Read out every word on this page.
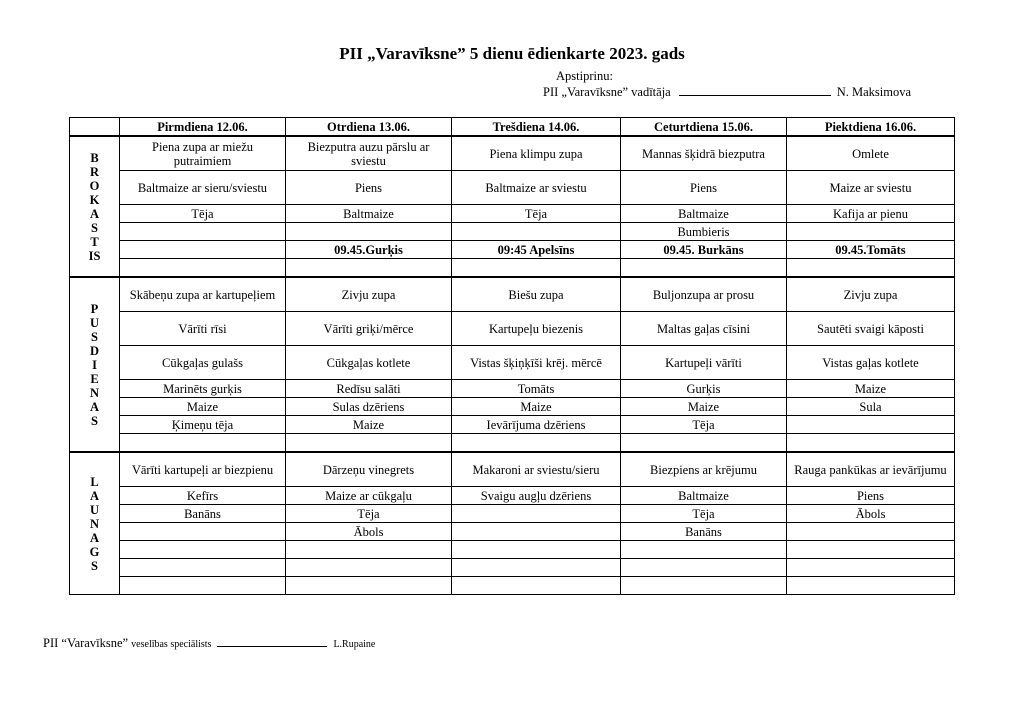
PII „Varavīksne” 5 dienu ēdienkarte 2023. gads
Apstiprinu:
PII „Varavīksne” vadītāja	N. Maksimova
	Pirmdiena 12.06.	Otrdiena 13.06.	Trešdiena 14.06.	Ceturtdiena 15.06.	Piektdiena 16.06.
BROKASTIS	Piena zupa ar miežu putraimiem	Biezputra auzu pārslu ar sviestu	Piena klimpu zupa	Mannas šķidrā biezputra	Omlete
	Baltmaize ar sieru/sviestu	Piens	Baltmaize ar sviestu	Piens	Maize ar sviestu
	Tēja	Baltmaize	Tēja	Baltmaize	Kafija ar pienu
				Bumbieris	
		09.45.Gurķis	09:45 Apelsīns	09.45. Burkāns	09.45.Tomāts

PUSDIENAS	Skābeņu zupa ar kartupeļiem	Zivju zupa	Biešu zupa	Buljonzupa ar prosu	Zivju zupa
	Vārīti rīsi	Vārīti griķi/mērce	Kartupeļu biezenis	Maltas gaļas cīsini	Sautēti svaigi kāposti
	Cūkgaļas gulašs	Cūkgaļas kotlete	Vistas šķiņķīši krēj. mērcē	Kartupeļi vārīti	Vistas gaļas kotlete
	Marinēts gurķis	Redīsu salāti	Tomāts	Gurķis	Maize
	Maize	Sulas dzēriens	Maize	Maize	Sula
	Ķimeņu tēja	Maize	Ievārījuma dzēriens	Tēja	

LAUNAGS	Vārīti kartupeļi ar biezpienu	Dārzeņu vinegrets	Makaroni ar sviestu/sieru	Biezpiens ar krējumu	Rauga pankūkas ar ievārījumu
	Kefīrs	Maize ar cūkgaļu	Svaigu augļu dzēriens	Baltmaize	Piens
	Banāns	Tēja		Tēja	Ābols
		Ābols		Banāns	

PII “Varavīksne” veselības speciālists	L.Rupaine
